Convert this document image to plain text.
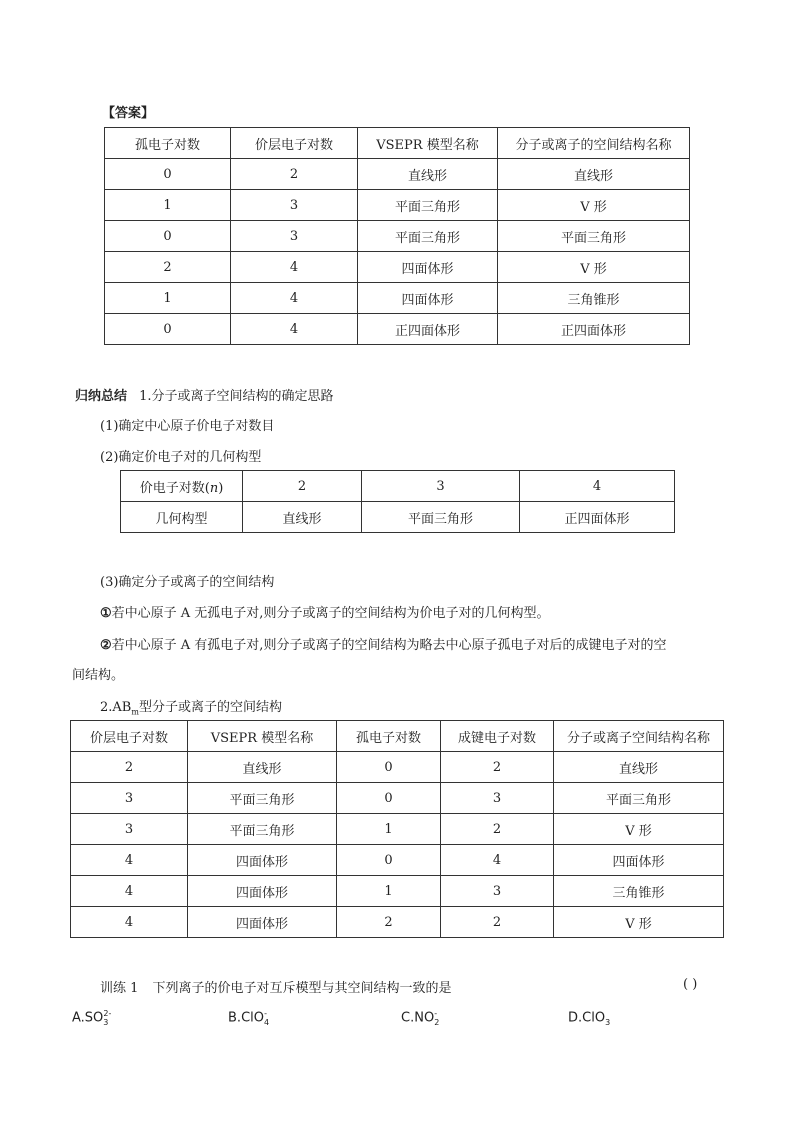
【答案】
孤电子对数	价层电子对数	VSEPR 模型名称	分子或离子的空间结构名称
0	2	直线形	直线形
1	3	平面三角形	V 形
0	3	平面三角形	平面三角形
2	4	四面体形	V 形
1	4	四面体形	三角锥形
0	4	正四面体形	正四面体形
归纳总结 1.分子或离子空间结构的确定思路
(1)确定中心原子价电子对数目
(2)确定价电子对的几何构型
价电子对数(n)	2	3	4
几何构型	直线形	平面三角形	正四面体形
(3)确定分子或离子的空间结构
①若中心原子 A 无孤电子对,则分子或离子的空间结构为价电子对的几何构型。
②若中心原子 A 有孤电子对,则分子或离子的空间结构为略去中心原子孤电子对后的成键电子对的空
间结构。
$2.AB_m$型分子或离子的空间结构
价层电子对数	VSEPR 模型名称	孤电子对数	成键电子对数	分子或离子空间结构名称
2	直线形	0	2	直线形
3	平面三角形	0	3	平面三角形
3	平面三角形	1	2	V 形
4	四面体形	0	4	四面体形
4	四面体形	1	3	三角锥形
4	四面体形	2	2	V 形
训练 1 下列离子的价电子对互斥模型与其空间结构一致的是	( )
$A.SO_3^{2-}$	B.ClO$_4$-	$C.NO_2^-$	D.ClO$_3$
